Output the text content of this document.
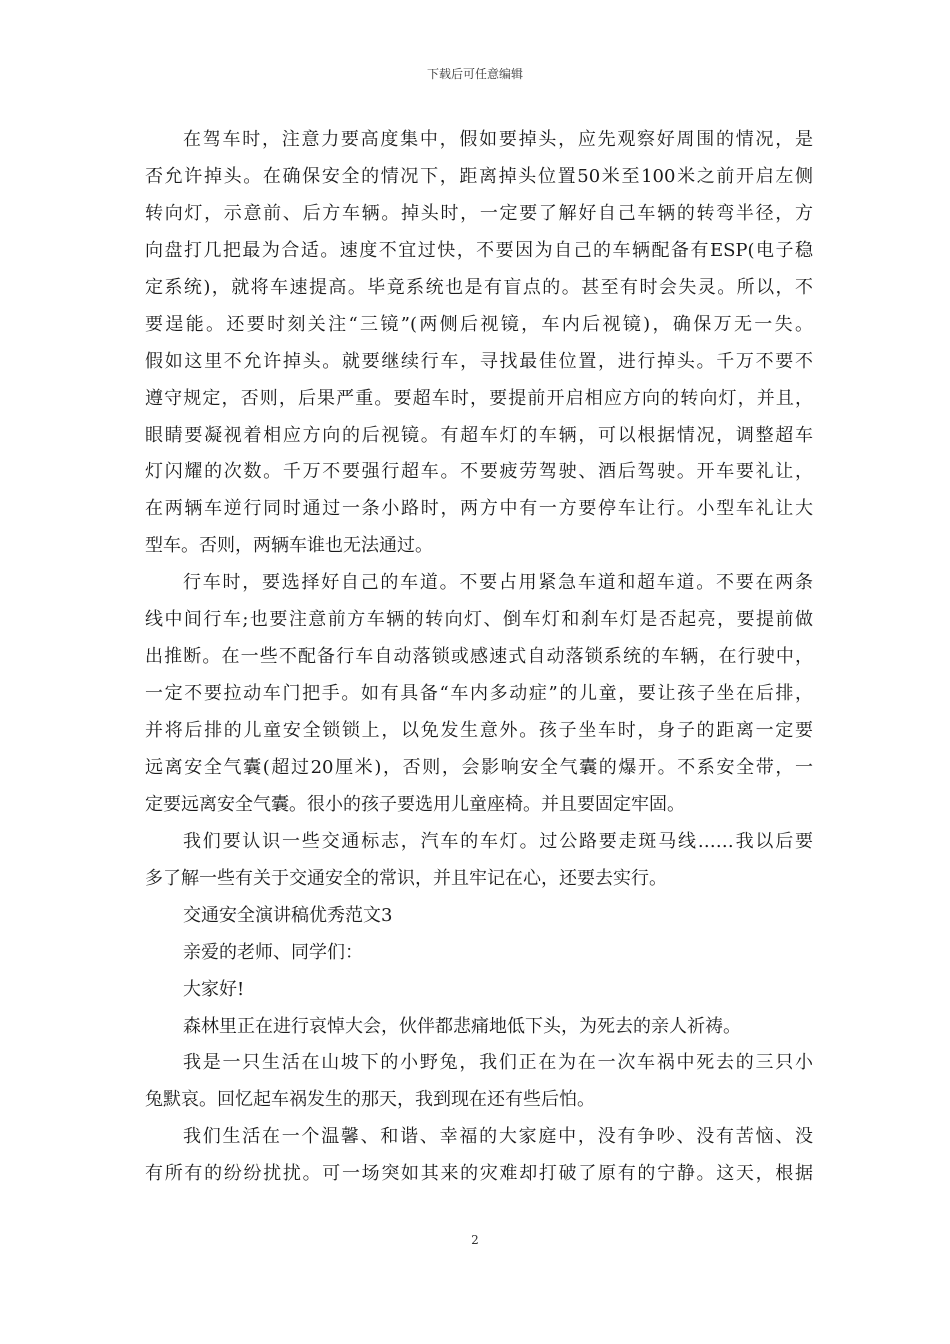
下载后可任意编辑
在驾车时，注意力要高度集中，假如要掉头，应先观察好周围的情况，是
否允许掉头。在确保安全的情况下，距离掉头位置50米至100米之前开启左侧
转向灯，示意前、后方车辆。掉头时，一定要了解好自己车辆的转弯半径，方
向盘打几把最为合适。速度不宜过快，不要因为自己的车辆配备有ESP(电子稳
定系统)，就将车速提高。毕竟系统也是有盲点的。甚至有时会失灵。所以，不
要逞能。还要时刻关注“三镜”(两侧后视镜，车内后视镜)，确保万无一失。
假如这里不允许掉头。就要继续行车，寻找最佳位置，进行掉头。千万不要不
遵守规定，否则，后果严重。要超车时，要提前开启相应方向的转向灯，并且，
眼睛要凝视着相应方向的后视镜。有超车灯的车辆，可以根据情况，调整超车
灯闪耀的次数。千万不要强行超车。不要疲劳驾驶、酒后驾驶。开车要礼让，
在两辆车逆行同时通过一条小路时，两方中有一方要停车让行。小型车礼让大
型车。否则，两辆车谁也无法通过。
行车时，要选择好自己的车道。不要占用紧急车道和超车道。不要在两条
线中间行车;也要注意前方车辆的转向灯、倒车灯和刹车灯是否起亮，要提前做
出推断。在一些不配备行车自动落锁或感速式自动落锁系统的车辆，在行驶中，
一定不要拉动车门把手。如有具备“车内多动症”的儿童，要让孩子坐在后排，
并将后排的儿童安全锁锁上，以免发生意外。孩子坐车时，身子的距离一定要
远离安全气囊(超过20厘米)，否则，会影响安全气囊的爆开。不系安全带，一
定要远离安全气囊。很小的孩子要选用儿童座椅。并且要固定牢固。
我们要认识一些交通标志，汽车的车灯。过公路要走斑马线……我以后要
多了解一些有关于交通安全的常识，并且牢记在心，还要去实行。
交通安全演讲稿优秀范文3
亲爱的老师、同学们：
大家好!
森林里正在进行哀悼大会，伙伴都悲痛地低下头，为死去的亲人祈祷。
我是一只生活在山坡下的小野兔，我们正在为在一次车祸中死去的三只小
兔默哀。回忆起车祸发生的那天，我到现在还有些后怕。
我们生活在一个温馨、和谐、幸福的大家庭中，没有争吵、没有苦恼、没
有所有的纷纷扰扰。可一场突如其来的灾难却打破了原有的宁静。这天，根据
2
